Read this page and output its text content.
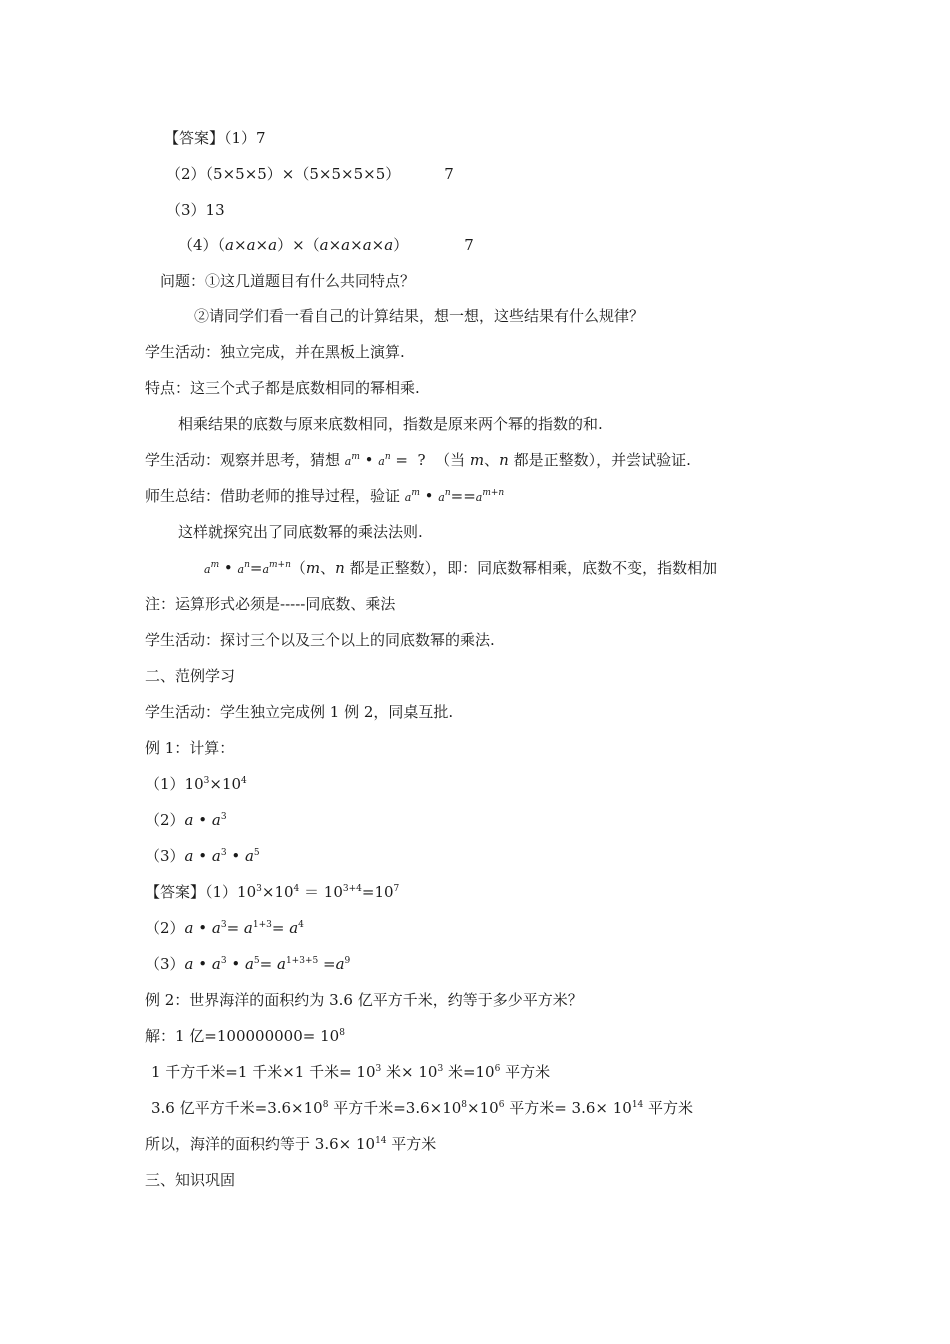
【答案】（1）7
（2）（5×5×5）×（5×5×5×5）	7
（3）13
（4）（a×a×a）×（a×a×a×a）	7
问题：①这几道题目有什么共同特点？
②请同学们看一看自己的计算结果，想一想，这些结果有什么规律？
学生活动：独立完成，并在黑板上演算.
特点：这三个式子都是底数相同的幂相乘.
相乘结果的底数与原来底数相同，指数是原来两个幂的指数的和.
学生活动：观察并思考，猜想 $a^m$ • $a^n$ =  ?  （当 m、n 都是正整数），并尝试验证.
师生总结：借助老师的推导过程，验证 $a^m$ • $a^n==a^{m+n}$
这样就探究出了同底数幂的乘法法则.
$a^m$ • $a^n=a^{m+n}(m$、n 都是正整数），即：同底数幂相乘，底数不变，指数相加
注：运算形式必须是-----同底数、乘法
学生活动：探讨三个以及三个以上的同底数幂的乘法.
二、范例学习
学生活动：学生独立完成例 1 例 2，同桌互批.
例 1：计算：
$(1)10^3\times 10^4$
（2）a • $a^3$
（3）a • $a^3$ • $a^5$
【答案】$(1)10^3\times 10^4 = 10^{3+4}=10^7$
（2）a • $a^3= a^{1+3}= a^4$
（3）a • $a^3$ • $a^5= a^{1+3+5} =a^9$
例 2：世界海洋的面积约为 3.6 亿平方千米，约等于多少平方米？
解：1 亿$=100000000= 10^8$
1 千方千米=1 千米×1 千米= $10^3$ 米× $10^3$ 米$=10^6$ 平方米
3.6 亿平方千米$=3.6\times 10^8$ 平方千米$=3.6\times 10^8\times 10^6$ 平方米= $3.6\times 10^{14}$ 平方米
所以，海洋的面积约等于 $3.6\times 10^{14}$ 平方米
三、知识巩固
